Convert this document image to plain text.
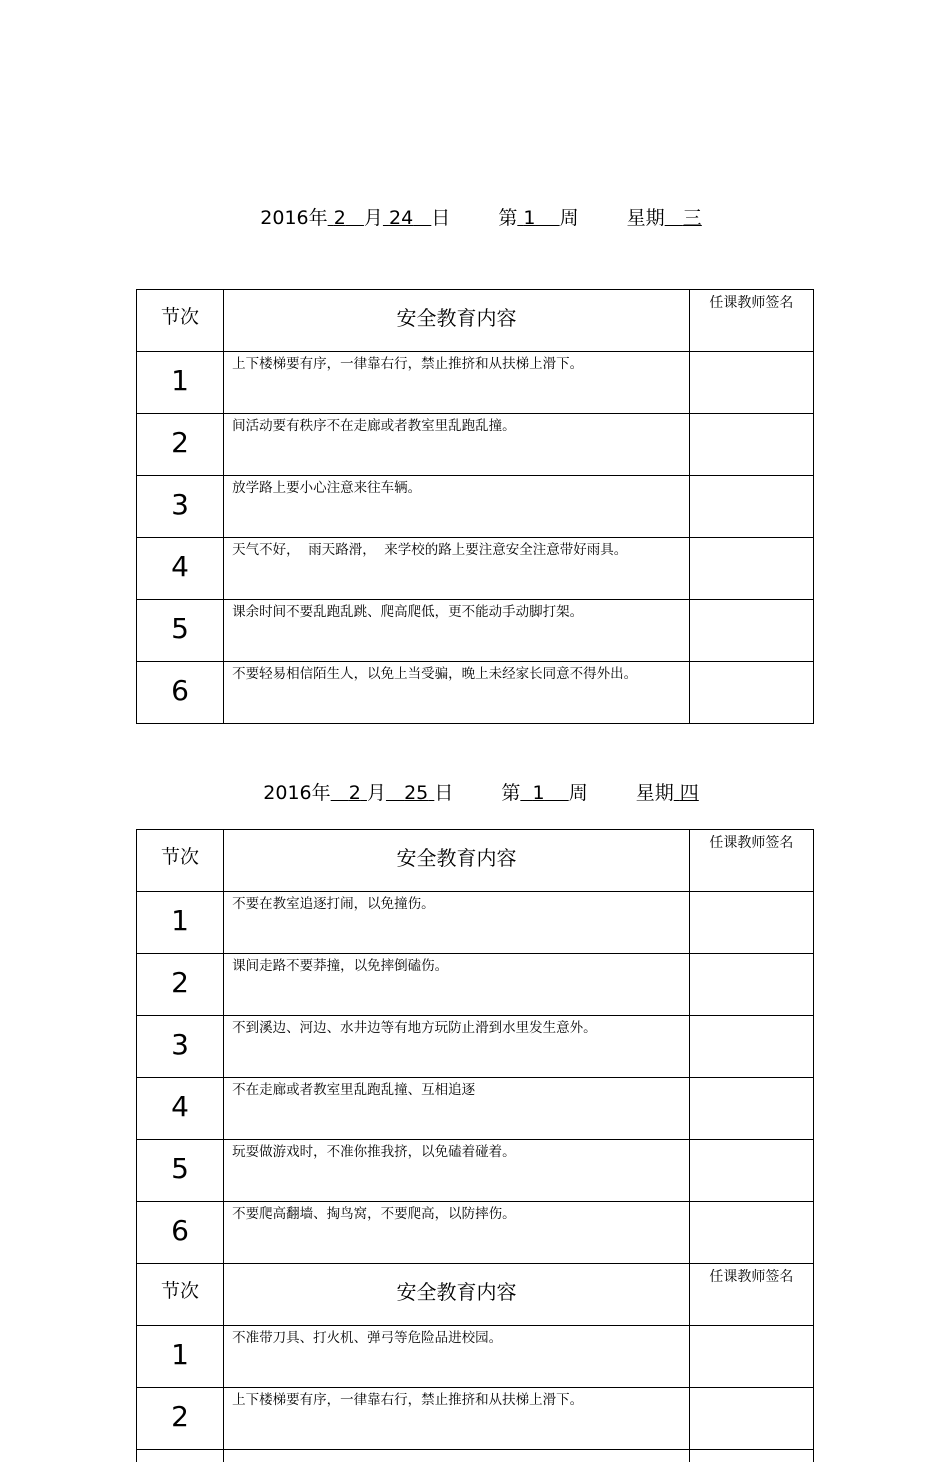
2016年 2 月 24 日	第 1 周	星期 三

节次	安全教育内容	任课教师签名
1	上下楼梯要有序，一律靠右行，禁止推挤和从扶梯上滑下。	
2	间活动要有秩序不在走廊或者教室里乱跑乱撞。	
3	放学路上要小心注意来往车辆。	
4	天气不好，  雨天路滑，  来学校的路上要注意安全注意带好雨具。	
5	课余时间不要乱跑乱跳、爬高爬低，更不能动手动脚打架。	
6	不要轻易相信陌生人，以免上当受骗，晚上未经家长同意不得外出。	

2016年 2 月 25 日	第 1 周	星期 四

节次	安全教育内容	任课教师签名
1	不要在教室追逐打闹，以免撞伤。	
2	课间走路不要莽撞，以免摔倒磕伤。	
3	不到溪边、河边、水井边等有地方玩防止滑到水里发生意外。	
4	不在走廊或者教室里乱跑乱撞、互相追逐	
5	玩耍做游戏时，不准你推我挤，以免磕着碰着。	
6	不要爬高翻墙、掏鸟窝，不要爬高，以防摔伤。	
节次	安全教育内容	任课教师签名
1	不准带刀具、打火机、弹弓等危险品进校园。	
2	上下楼梯要有序，一律靠右行，禁止推挤和从扶梯上滑下。	
